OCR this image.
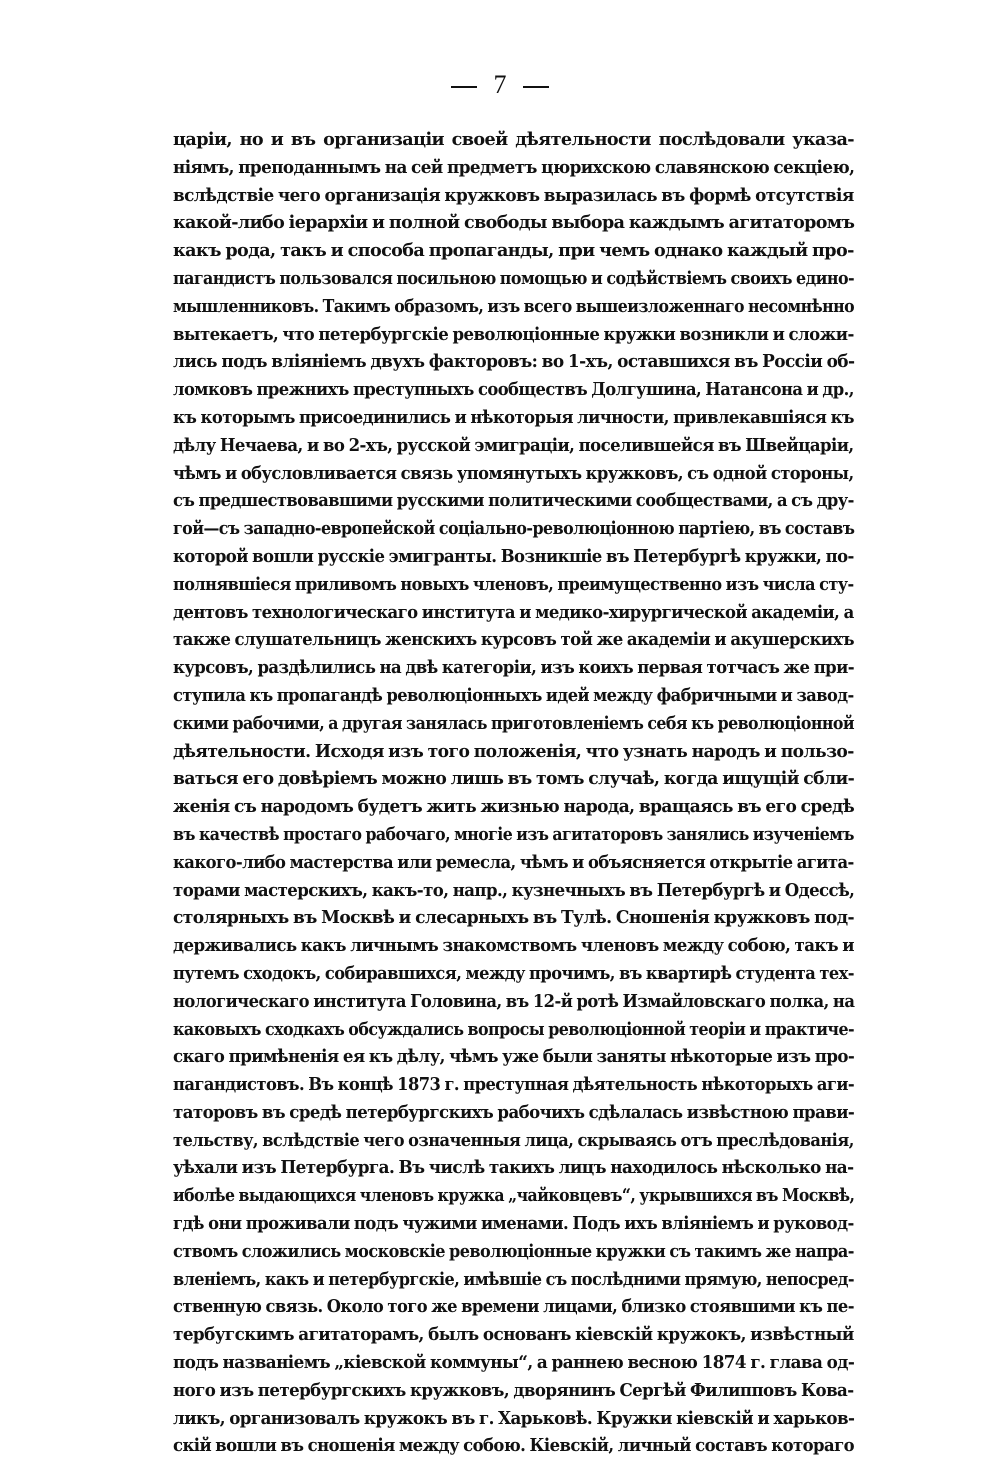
7
царіи, но и въ организаціи своей дѣятельности послѣдовали указа-
ніямъ, преподаннымъ на сей предметъ цюрихскою славянскою секціею,
вслѣдствіе чего организація кружковъ выразилась въ формѣ отсутствія
какой-либо іерархіи и полной свободы выбора каждымъ агитаторомъ
какъ рода, такъ и способа пропаганды, при чемъ однако каждый про-
пагандистъ пользовался посильною помощью и содѣйствіемъ своихъ едино-
мышленниковъ. Такимъ образомъ, изъ всего вышеизложеннаго несомнѣнно
вытекаетъ, что петербургскіе революціонные кружки возникли и сложи-
лись подъ вліяніемъ двухъ факторовъ: во 1-хъ, оставшихся въ Россіи об-
ломковъ прежнихъ преступныхъ сообществъ Долгушина, Натансона и др.,
къ которымъ присоединились и нѣкоторыя личности, привлекавшіяся къ
дѣлу Нечаева, и во 2-хъ, русской эмиграціи, поселившейся въ Швейцаріи,
чѣмъ и обусловливается связь упомянутыхъ кружковъ, съ одной стороны,
съ предшествовавшими русскими политическими сообществами, а съ дру-
гой—съ западно-европейской соціально-революціонною партіею, въ составъ
которой вошли русскіе эмигранты. Возникшіе въ Петербургѣ кружки, по-
полнявшіеся приливомъ новыхъ членовъ, преимущественно изъ числа сту-
дентовъ технологическаго института и медико-хирургической академіи, а
также слушательницъ женскихъ курсовъ той же академіи и акушерскихъ
курсовъ, раздѣлились на двѣ категоріи, изъ коихъ первая тотчасъ же при-
ступила къ пропагандѣ революціонныхъ идей между фабричными и завод-
скими рабочими, а другая занялась приготовленіемъ себя къ революціонной
дѣятельности. Исходя изъ того положенія, что узнать народъ и пользо-
ваться его довѣріемъ можно лишь въ томъ случаѣ, когда ищущій сбли-
женія съ народомъ будетъ жить жизнью народа, вращаясь въ его средѣ
въ качествѣ простаго рабочаго, многіе изъ агитаторовъ занялись изученіемъ
какого-либо мастерства или ремесла, чѣмъ и объясняется открытіе агита-
торами мастерскихъ, какъ-то, напр., кузнечныхъ въ Петербургѣ и Одессѣ,
столярныхъ въ Москвѣ и слесарныхъ въ Тулѣ. Сношенія кружковъ под-
держивались какъ личнымъ знакомствомъ членовъ между собою, такъ и
путемъ сходокъ, собиравшихся, между прочимъ, въ квартирѣ студента тех-
нологическаго института Головина, въ 12-й ротѣ Измайловскаго полка, на
каковыхъ сходкахъ обсуждались вопросы революціонной теоріи и практиче-
скаго примѣненія ея къ дѣлу, чѣмъ уже были заняты нѣкоторые изъ про-
пагандистовъ. Въ концѣ 1873 г. преступная дѣятельность нѣкоторыхъ аги-
таторовъ въ средѣ петербургскихъ рабочихъ сдѣлалась извѣстною прави-
тельству, вслѣдствіе чего означенныя лица, скрываясь отъ преслѣдованія,
уѣхали изъ Петербурга. Въ числѣ такихъ лицъ находилось нѣсколько на-
иболѣе выдающихся членовъ кружка „чайковцевъ“, укрывшихся въ Москвѣ,
гдѣ они проживали подъ чужими именами. Подъ ихъ вліяніемъ и руковод-
ствомъ сложились московскіе революціонные кружки съ такимъ же напра-
вленіемъ, какъ и петербургскіе, имѣвшіе съ послѣдними прямую, непосред-
ственную связь. Около того же времени лицами, близко стоявшими къ пе-
тербугскимъ агитаторамъ, былъ основанъ кіевскій кружокъ, извѣстный
подъ названіемъ „кіевской коммуны“, а раннею весною 1874 г. глава од-
ного изъ петербургскихъ кружковъ, дворянинъ Сергѣй Филипповъ Кова-
ликъ, организовалъ кружокъ въ г. Харьковѣ. Кружки кіевскій и харьков-
скій вошли въ сношенія между собою. Кіевскій, личный составъ котораго
